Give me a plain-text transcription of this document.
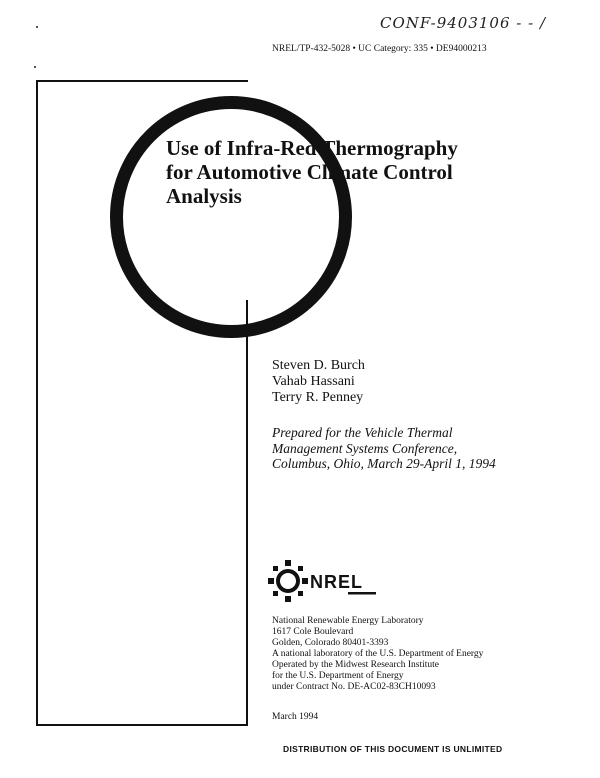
CONF-9403106 - - /
NREL/TP-432-5028 • UC Category: 335 • DE94000213
Use of Infra-Red Thermography
for Automotive Climate Control
Analysis
Steven D. Burch
Vahab Hassani
Terry R. Penney
Prepared for the Vehicle Thermal
Management Systems Conference,
Columbus, Ohio, March 29-April 1, 1994
NREL
National Renewable Energy Laboratory
1617 Cole Boulevard
Golden, Colorado 80401-3393
A national laboratory of the U.S. Department of Energy
Operated by the Midwest Research Institute
for the U.S. Department of Energy
under Contract No. DE-AC02-83CH10093
March 1994
DISTRIBUTION OF THIS DOCUMENT IS UNLIMITED
